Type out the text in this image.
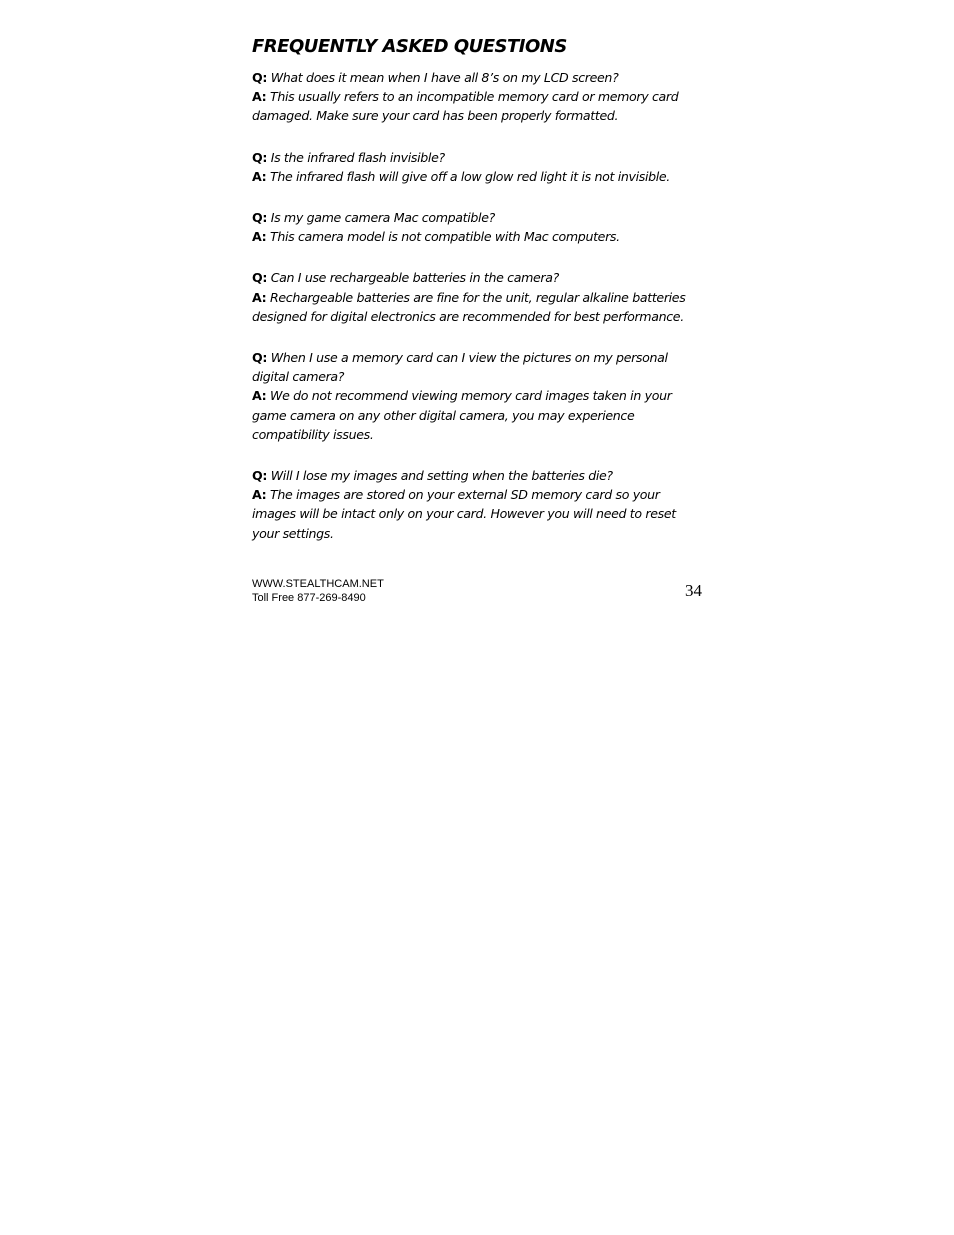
FREQUENTLY ASKED QUESTIONS

Q: What does it mean when I have all 8’s on my LCD screen?

A: This usually refers to an incompatible memory card or memory card damaged. Make sure your card has been properly formatted.

Q: Is the infrared flash invisible?

A: The infrared flash will give off a low glow red light it is not invisible.

Q: Is my game camera Mac compatible?

A: This camera model is not compatible with Mac computers.

Q: Can I use rechargeable batteries in the camera?

A: Rechargeable batteries are fine for the unit, regular alkaline batteries designed for digital electronics are recommended for best performance.

Q: When I use a memory card can I view the pictures on my personal digital camera?

A: We do not recommend viewing memory card images taken in your game camera on any other digital camera, you may experience compatibility issues.

Q: Will I lose my images and setting when the batteries die?

A: The images are stored on your external SD memory card so your images will be intact only on your card. However you will need to reset your settings.

WWW.STEALTHCAM.NET
Toll Free 877-269-8490	34
